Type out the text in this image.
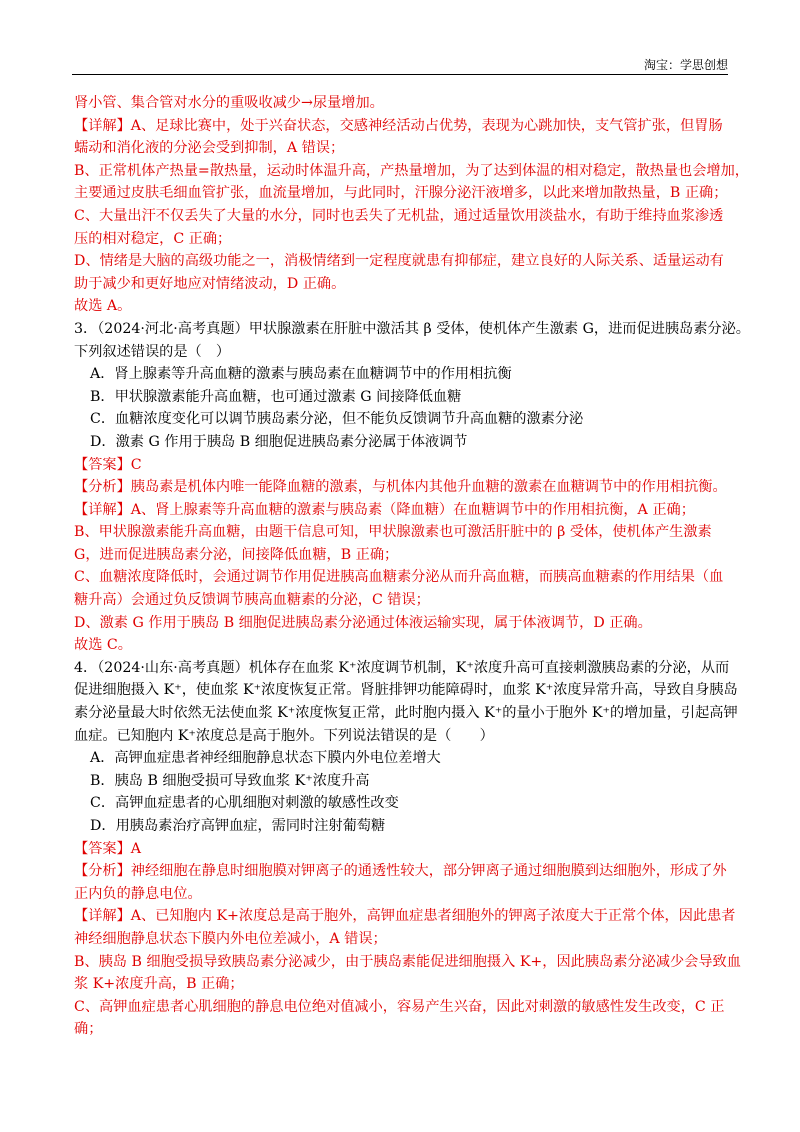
淘宝：学思创想
肾小管、集合管对水分的重吸收减少→尿量增加。
【详解】A、足球比赛中，处于兴奋状态，交感神经活动占优势，表现为心跳加快，支气管扩张，但胃肠
蠕动和消化液的分泌会受到抑制，A 错误；
B、正常机体产热量=散热量，运动时体温升高，产热量增加，为了达到体温的相对稳定，散热量也会增加，
主要通过皮肤毛细血管扩张，血流量增加，与此同时，汗腺分泌汗液增多，以此来增加散热量，B 正确；
C、大量出汗不仅丢失了大量的水分，同时也丢失了无机盐，通过适量饮用淡盐水，有助于维持血浆渗透
压的相对稳定，C 正确；
D、情绪是大脑的高级功能之一，消极情绪到一定程度就患有抑郁症，建立良好的人际关系、适量运动有
助于减少和更好地应对情绪波动，D 正确。
故选 A。
3．（2024·河北·高考真题）甲状腺激素在肝脏中激活其 β 受体，使机体产生激素 G，进而促进胰岛素分泌。
下列叙述错误的是（　）
A．肾上腺素等升高血糖的激素与胰岛素在血糖调节中的作用相抗衡
B．甲状腺激素能升高血糖，也可通过激素 G 间接降低血糖
C．血糖浓度变化可以调节胰岛素分泌，但不能负反馈调节升高血糖的激素分泌
D．激素 G 作用于胰岛 B 细胞促进胰岛素分泌属于体液调节
【答案】C
【分析】胰岛素是机体内唯一能降血糖的激素，与机体内其他升血糖的激素在血糖调节中的作用相抗衡。
【详解】A、肾上腺素等升高血糖的激素与胰岛素（降血糖）在血糖调节中的作用相抗衡，A 正确；
B、甲状腺激素能升高血糖，由题干信息可知，甲状腺激素也可激活肝脏中的 β 受体，使机体产生激素
G，进而促进胰岛素分泌，间接降低血糖，B 正确；
C、血糖浓度降低时，会通过调节作用促进胰高血糖素分泌从而升高血糖，而胰高血糖素的作用结果（血
糖升高）会通过负反馈调节胰高血糖素的分泌，C 错误；
D、激素 G 作用于胰岛 B 细胞促进胰岛素分泌通过体液运输实现，属于体液调节，D 正确。
故选 C。
4．（2024·山东·高考真题）机体存在血浆 K⁺浓度调节机制，K⁺浓度升高可直接刺激胰岛素的分泌，从而
促进细胞摄入 K⁺，使血浆 K⁺浓度恢复正常。肾脏排钾功能障碍时，血浆 K⁺浓度异常升高，导致自身胰岛
素分泌量最大时依然无法使血浆 K⁺浓度恢复正常，此时胞内摄入 K⁺的量小于胞外 K⁺的增加量，引起高钾
血症。已知胞内 K⁺浓度总是高于胞外。下列说法错误的是（　　）
A．高钾血症患者神经细胞静息状态下膜内外电位差增大
B．胰岛 B 细胞受损可导致血浆 K⁺浓度升高
C．高钾血症患者的心肌细胞对刺激的敏感性改变
D．用胰岛素治疗高钾血症，需同时注射葡萄糖
【答案】A
【分析】神经细胞在静息时细胞膜对钾离子的通透性较大，部分钾离子通过细胞膜到达细胞外，形成了外
正内负的静息电位。
【详解】A、已知胞内 K+浓度总是高于胞外，高钾血症患者细胞外的钾离子浓度大于正常个体，因此患者
神经细胞静息状态下膜内外电位差减小，A 错误；
B、胰岛 B 细胞受损导致胰岛素分泌减少，由于胰岛素能促进细胞摄入 K+，因此胰岛素分泌减少会导致血
浆 K+浓度升高，B 正确；
C、高钾血症患者心肌细胞的静息电位绝对值减小，容易产生兴奋，因此对刺激的敏感性发生改变，C 正
确；
